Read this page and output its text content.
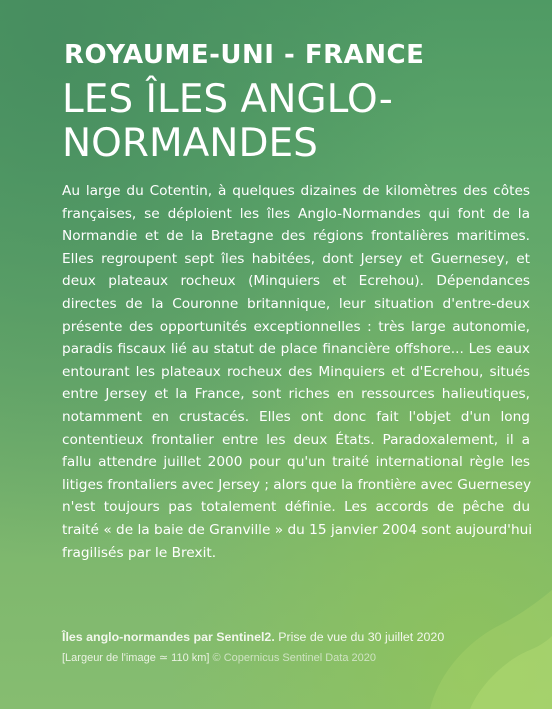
ROYAUME-UNI - FRANCE
LES ÎLES ANGLO-
NORMANDES
Au large du Cotentin, à quelques dizaines de kilomètres des côtes
françaises, se déploient les îles Anglo-Normandes qui font de la
Normandie et de la Bretagne des régions frontalières maritimes.
Elles regroupent sept îles habitées, dont Jersey et Guernesey, et
deux plateaux rocheux (Minquiers et Ecrehou). Dépendances
directes de la Couronne britannique, leur situation d'entre-deux
présente des opportunités exceptionnelles : très large autonomie,
paradis fiscaux lié au statut de place financière offshore... Les eaux
entourant les plateaux rocheux des Minquiers et d'Ecrehou, situés
entre Jersey et la France, sont riches en ressources halieutiques,
notamment en crustacés. Elles ont donc fait l'objet d'un long
contentieux frontalier entre les deux États. Paradoxalement, il a
fallu attendre juillet 2000 pour qu'un traité international règle les
litiges frontaliers avec Jersey ; alors que la frontière avec Guernesey
n'est toujours pas totalement définie. Les accords de pêche du
traité « de la baie de Granville » du 15 janvier 2004 sont aujourd'hui
fragilisés par le Brexit.
Îles anglo-normandes par Sentinel2. Prise de vue du 30 juillet 2020
[Largeur de l'image ≃ 110 km] © Copernicus Sentinel Data 2020
